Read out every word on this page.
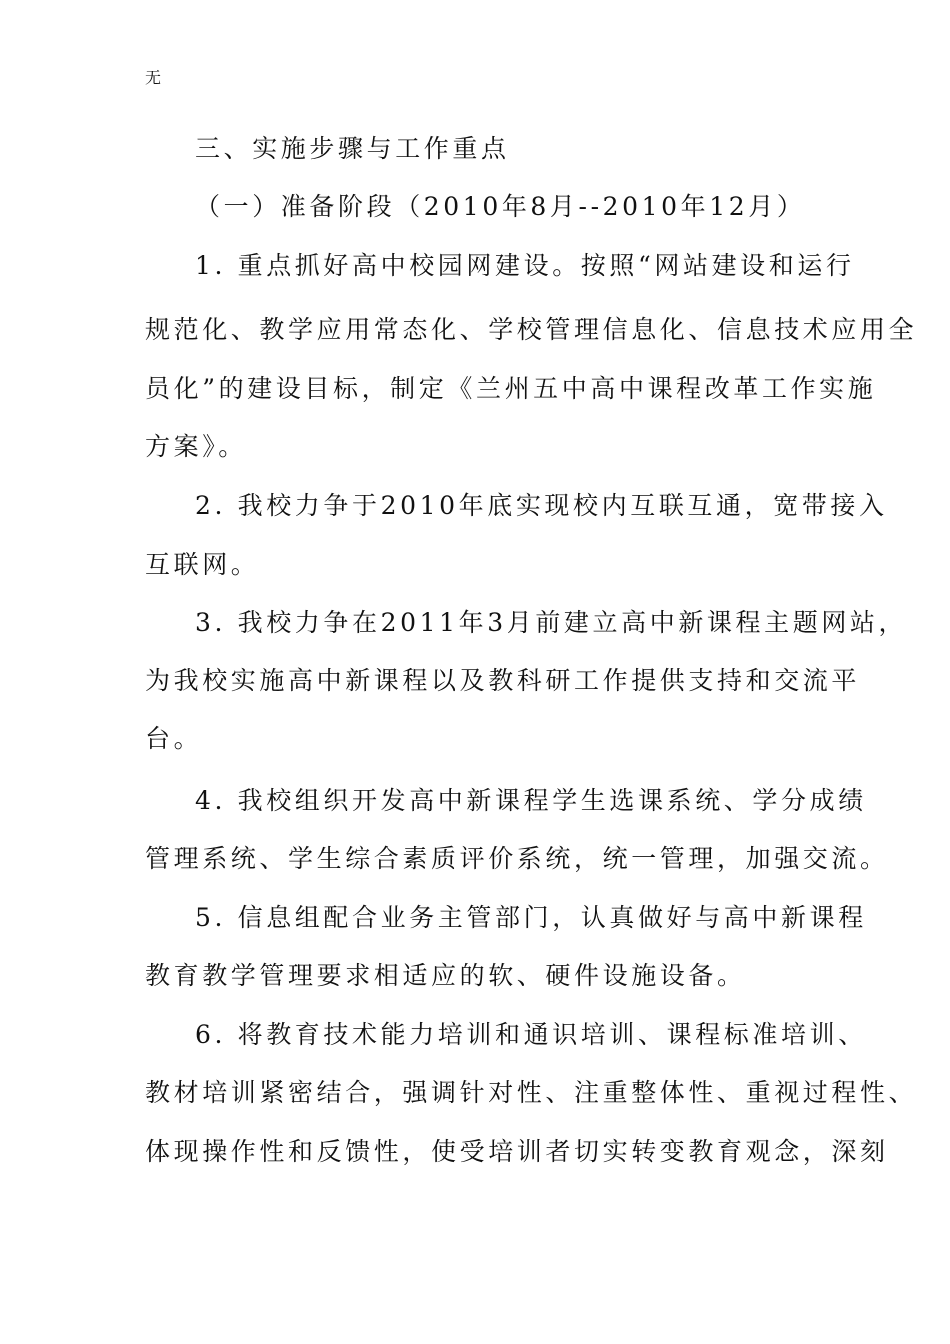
无
三、实施步骤与工作重点
（一）准备阶段（2010年8月--2010年12月）
1. 重点抓好高中校园网建设。按照“网站建设和运行
规范化、教学应用常态化、学校管理信息化、信息技术应用全
员化”的建设目标，制定《兰州五中高中课程改革工作实施
方案》。
2. 我校力争于2010年底实现校内互联互通，宽带接入
互联网。
3. 我校力争在2011年3月前建立高中新课程主题网站，
为我校实施高中新课程以及教科研工作提供支持和交流平
台。
4. 我校组织开发高中新课程学生选课系统、学分成绩
管理系统、学生综合素质评价系统，统一管理，加强交流。
5. 信息组配合业务主管部门，认真做好与高中新课程
教育教学管理要求相适应的软、硬件设施设备。
6. 将教育技术能力培训和通识培训、课程标准培训、
教材培训紧密结合，强调针对性、注重整体性、重视过程性、
体现操作性和反馈性，使受培训者切实转变教育观念，深刻
